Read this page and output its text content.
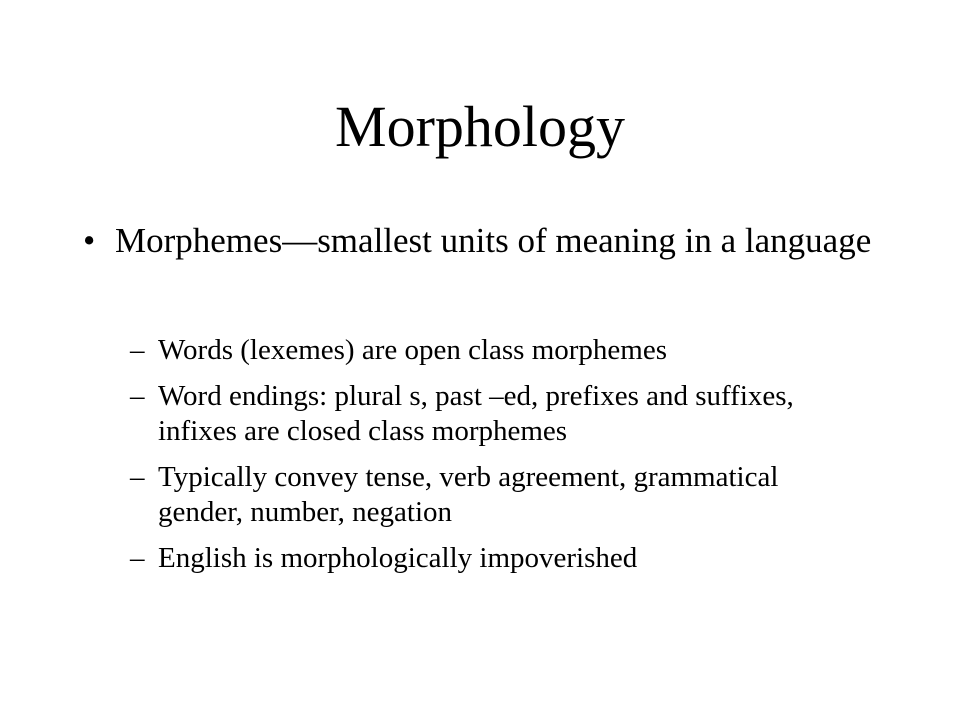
Morphology
• Morphemes—smallest units of meaning in a language
– Words (lexemes) are open class morphemes
– Word endings: plural s, past –ed, prefixes and suffixes, infixes are closed class morphemes
– Typically convey tense, verb agreement, grammatical gender, number, negation
– English is morphologically impoverished
